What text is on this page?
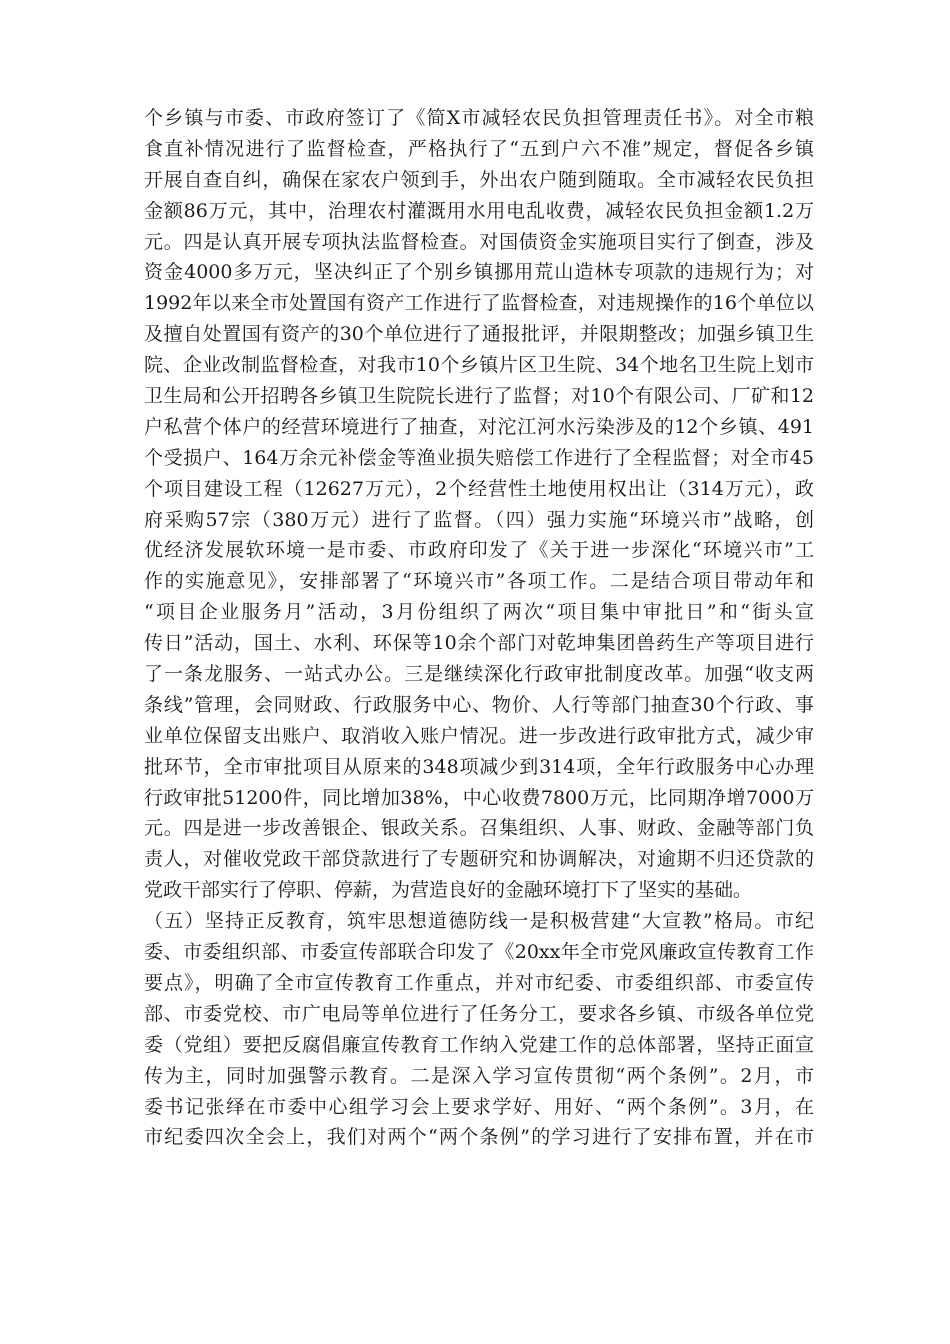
个乡镇与市委、市政府签订了《简X市减轻农民负担管理责任书》。对全市粮
食直补情况进行了监督检查，严格执行了“五到户六不准”规定，督促各乡镇
开展自查自纠，确保在家农户领到手，外出农户随到随取。全市减轻农民负担
金额86万元，其中，治理农村灌溉用水用电乱收费，减轻农民负担金额1.2万
元。四是认真开展专项执法监督检查。对国债资金实施项目实行了倒查，涉及
资金4000多万元，坚决纠正了个别乡镇挪用荒山造林专项款的违规行为；对
1992年以来全市处置国有资产工作进行了监督检查，对违规操作的16个单位以
及擅自处置国有资产的30个单位进行了通报批评，并限期整改；加强乡镇卫生
院、企业改制监督检查，对我市10个乡镇片区卫生院、34个地名卫生院上划市
卫生局和公开招聘各乡镇卫生院院长进行了监督；对10个有限公司、厂矿和12
户私营个体户的经营环境进行了抽查，对沱江河水污染涉及的12个乡镇、491
个受损户、164万余元补偿金等渔业损失赔偿工作进行了全程监督；对全市45
个项目建设工程（12627万元），2个经营性土地使用权出让（314万元），政
府采购57宗（380万元）进行了监督。（四）强力实施“环境兴市”战略，创
优经济发展软环境一是市委、市政府印发了《关于进一步深化“环境兴市”工
作的实施意见》，安排部署了“环境兴市”各项工作。二是结合项目带动年和
“项目企业服务月”活动，3月份组织了两次“项目集中审批日”和“街头宣
传日”活动，国土、水利、环保等10余个部门对乾坤集团兽药生产等项目进行
了一条龙服务、一站式办公。三是继续深化行政审批制度改革。加强“收支两
条线”管理，会同财政、行政服务中心、物价、人行等部门抽查30个行政、事
业单位保留支出账户、取消收入账户情况。进一步改进行政审批方式，减少审
批环节，全市审批项目从原来的348项减少到314项，全年行政服务中心办理
行政审批51200件，同比增加38%，中心收费7800万元，比同期净增7000万
元。四是进一步改善银企、银政关系。召集组织、人事、财政、金融等部门负
责人，对催收党政干部贷款进行了专题研究和协调解决，对逾期不归还贷款的
党政干部实行了停职、停薪，为营造良好的金融环境打下了坚实的基础。
（五）坚持正反教育，筑牢思想道德防线一是积极营建“大宣教”格局。市纪
委、市委组织部、市委宣传部联合印发了《20xx年全市党风廉政宣传教育工作
要点》，明确了全市宣传教育工作重点，并对市纪委、市委组织部、市委宣传
部、市委党校、市广电局等单位进行了任务分工，要求各乡镇、市级各单位党
委（党组）要把反腐倡廉宣传教育工作纳入党建工作的总体部署，坚持正面宣
传为主，同时加强警示教育。二是深入学习宣传贯彻“两个条例”。2月，市
委书记张绎在市委中心组学习会上要求学好、用好、“两个条例”。3月，在
市纪委四次全会上，我们对两个“两个条例”的学习进行了安排布置，并在市
